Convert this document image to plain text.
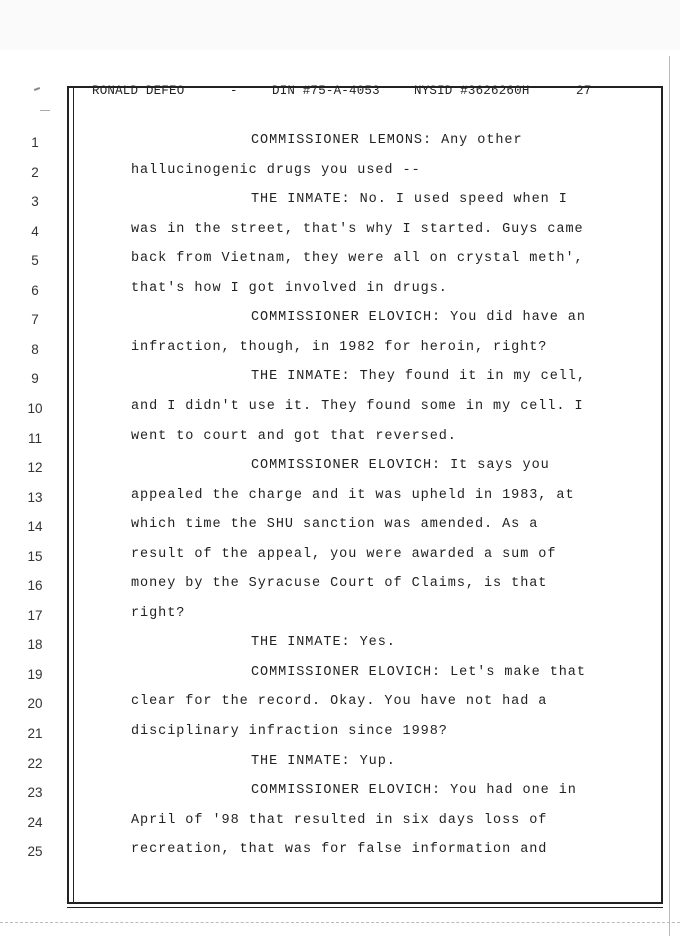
RONALD DEFEO

	-

	DIN #75-A-4053

	NYSID #3626260H

	27

1	COMMISSIONER LEMONS: Any other
2	hallucinogenic drugs you used --
3	THE INMATE: No. I used speed when I
4	was in the street, that's why I started. Guys came
5	back from Vietnam, they were all on crystal meth',
6	that's how I got involved in drugs.
7	COMMISSIONER ELOVICH: You did have an
8	infraction, though, in 1982 for heroin, right?
9	THE INMATE: They found it in my cell,
10	and I didn't use it. They found some in my cell. I
11	went to court and got that reversed.
12	COMMISSIONER ELOVICH: It says you
13	appealed the charge and it was upheld in 1983, at
14	which time the SHU sanction was amended. As a
15	result of the appeal, you were awarded a sum of
16	money by the Syracuse Court of Claims, is that
17	right?
18	THE INMATE: Yes.
19	COMMISSIONER ELOVICH: Let's make that
20	clear for the record. Okay. You have not had a
21	disciplinary infraction since 1998?
22	THE INMATE: Yup.
23	COMMISSIONER ELOVICH: You had one in
24	April of '98 that resulted in six days loss of
25	recreation, that was for false information and
